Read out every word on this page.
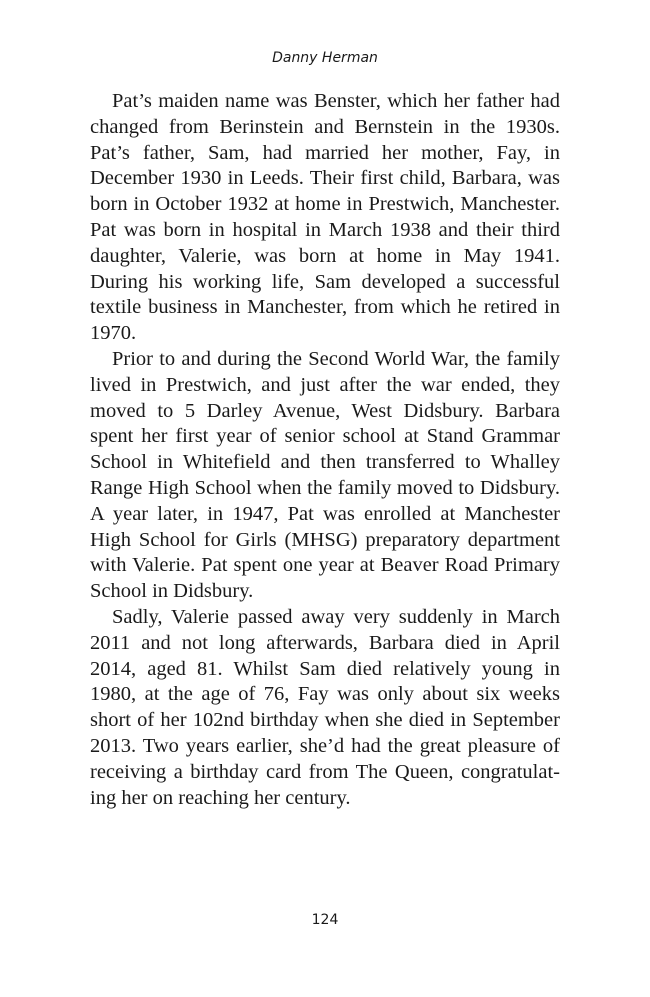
Danny Herman

Pat’s maiden name was Benster, which her father had changed from Berinstein and Bernstein in the 1930s. Pat’s father, Sam, had married her mother, Fay, in December 1930 in Leeds. Their first child, Barbara, was born in October 1932 at home in Prestwich, Manchester. Pat was born in hospital in March 1938 and their third daughter, Valerie, was born at home in May 1941. During his working life, Sam developed a successful textile business in Manchester, from which he retired in 1970.

Prior to and during the Second World War, the family lived in Prestwich, and just after the war ended, they moved to 5 Darley Avenue, West Didsbury. Barbara spent her first year of senior school at Stand Grammar School in Whitefield and then transferred to Whalley Range High School when the family moved to Didsbury. A year later, in 1947, Pat was enrolled at Manchester High School for Girls (MHSG) preparatory department with Valerie. Pat spent one year at Beaver Road Primary School in Didsbury.

Sadly, Valerie passed away very suddenly in March 2011 and not long afterwards, Barbara died in April 2014, aged 81. Whilst Sam died relatively young in 1980, at the age of 76, Fay was only about six weeks short of her 102nd birthday when she died in September 2013. Two years earlier, she’d had the great pleasure of receiving a birthday card from The Queen, congratulating her on reaching her century.

124
